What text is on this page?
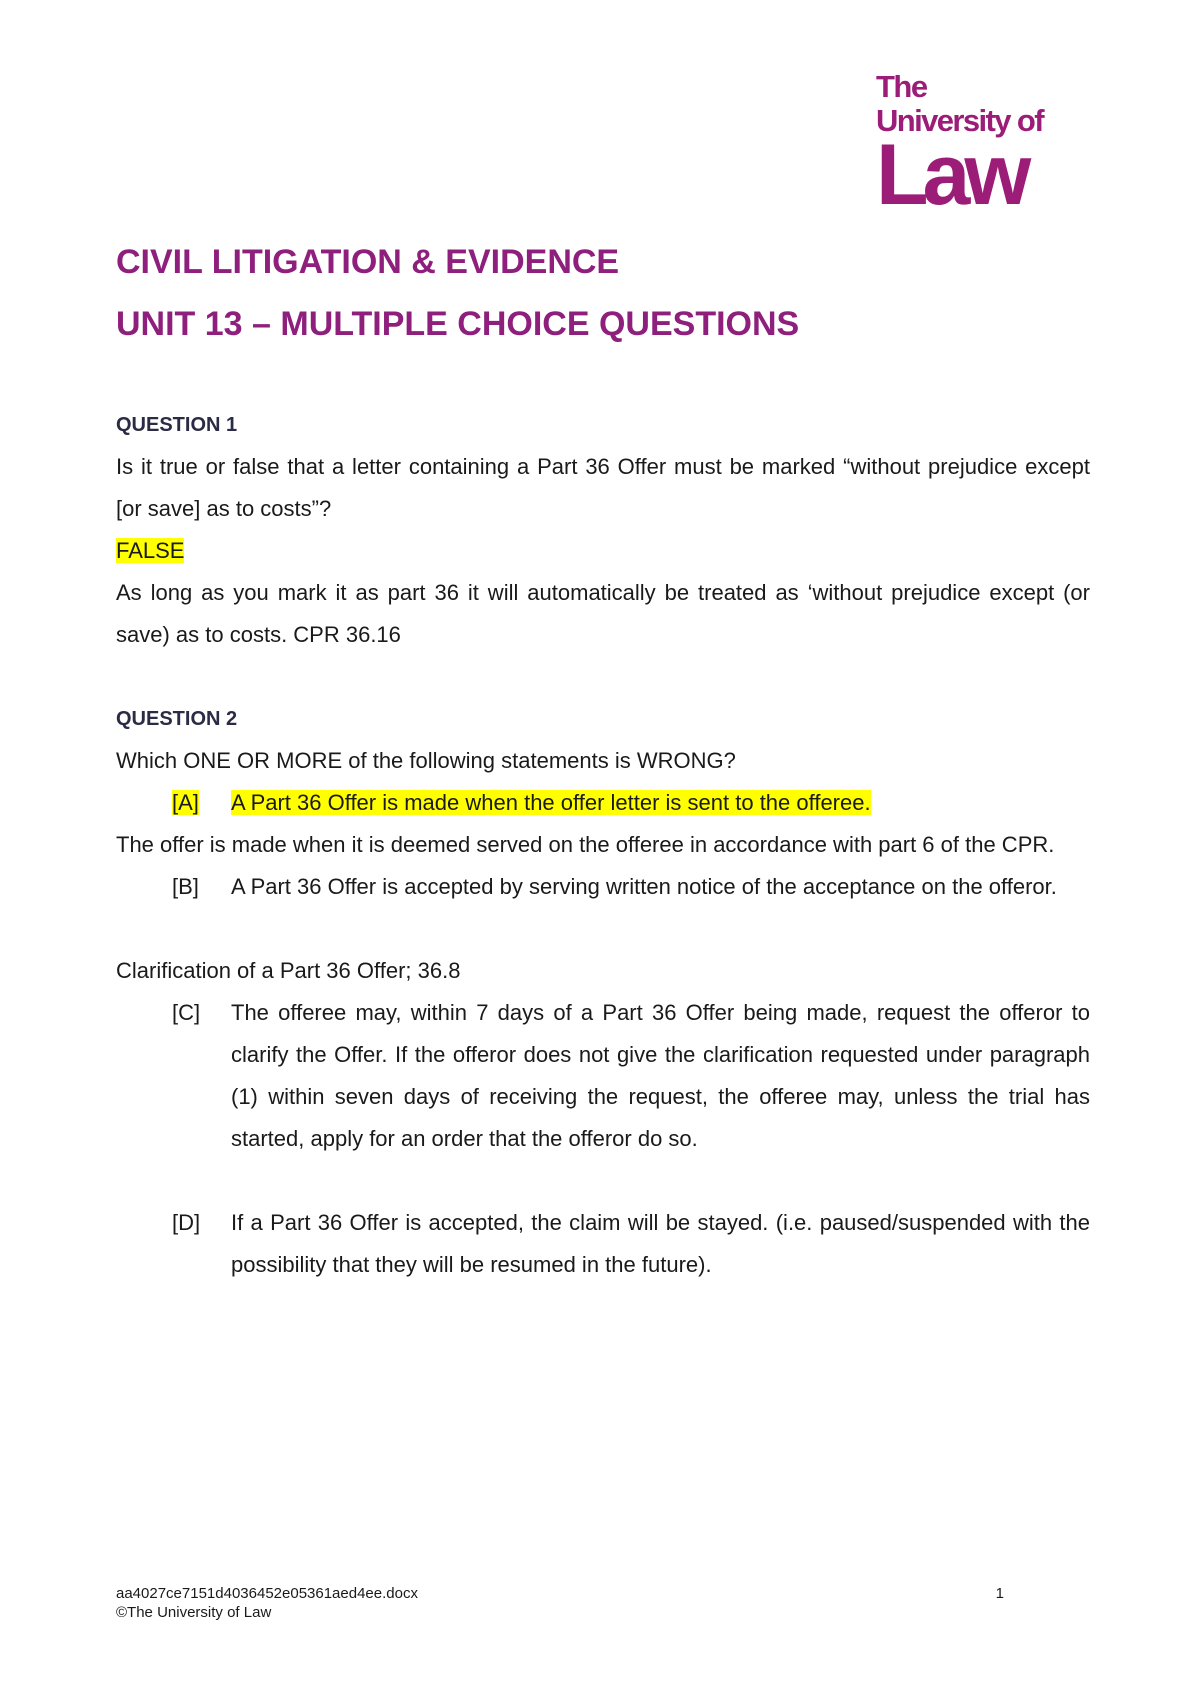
The
University of
Law
CIVIL LITIGATION & EVIDENCE
UNIT 13 – MULTIPLE CHOICE QUESTIONS
QUESTION 1
Is it true or false that a letter containing a Part 36 Offer must be marked “without prejudice except [or save] as to costs”?
FALSE
As long as you mark it as part 36 it will automatically be treated as ‘without prejudice except (or save) as to costs. CPR 36.16
QUESTION 2
Which ONE OR MORE of the following statements is WRONG?
[A]	A Part 36 Offer is made when the offer letter is sent to the offeree.
The offer is made when it is deemed served on the offeree in accordance with part 6 of the CPR.
[B]	A Part 36 Offer is accepted by serving written notice of the acceptance on the offeror.
Clarification of a Part 36 Offer; 36.8
[C]	The offeree may, within 7 days of a Part 36 Offer being made, request the offeror to clarify the Offer. If the offeror does not give the clarification requested under paragraph (1) within seven days of receiving the request, the offeree may, unless the trial has started, apply for an order that the offeror do so.
[D]	If a Part 36 Offer is accepted, the claim will be stayed. (i.e. paused/suspended with the possibility that they will be resumed in the future).
aa4027ce7151d4036452e05361aed4ee.docx	1
©The University of Law
